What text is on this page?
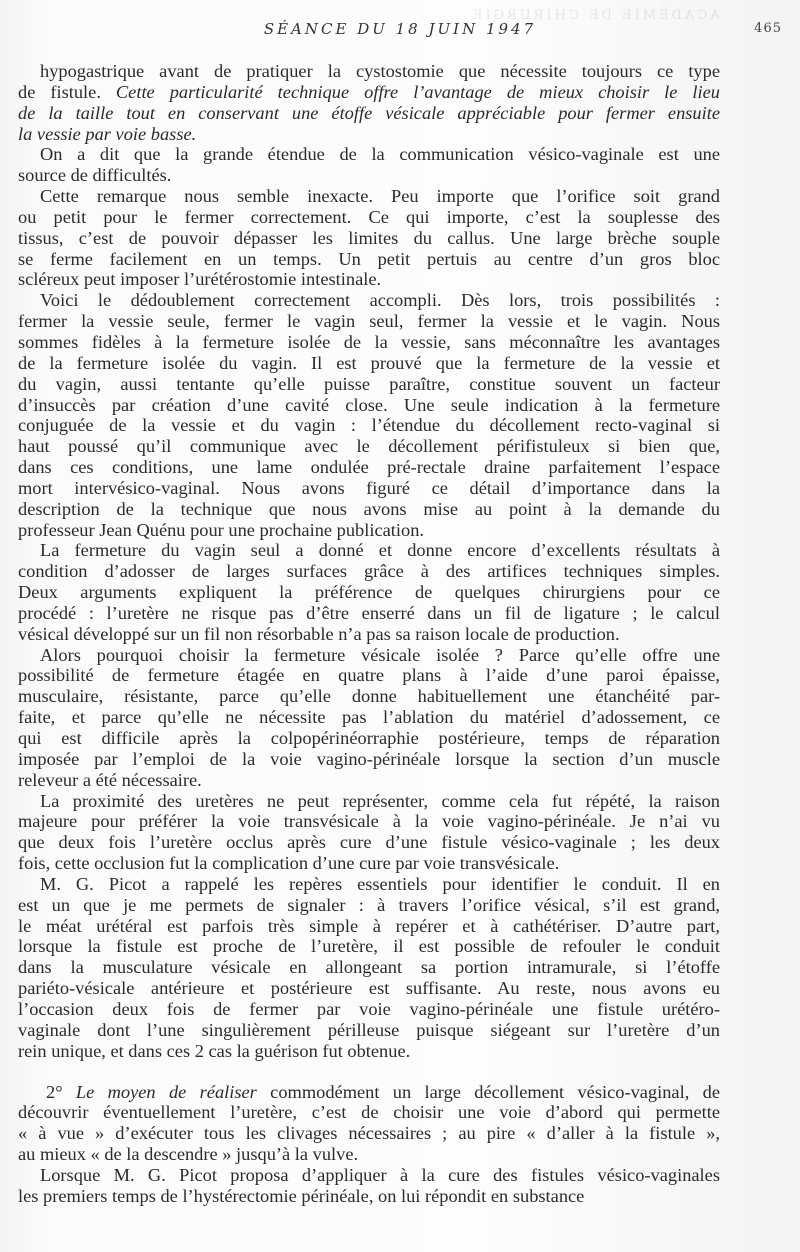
ACADÉMIE DE CHIRURGIE
SÉANCE DU 18 JUIN 1947	465
hypogastrique avant de pratiquer la cystostomie que nécessite toujours ce type
de fistule. Cette particularité technique offre l’avantage de mieux choisir le lieu
de la taille tout en conservant une étoffe vésicale appréciable pour fermer ensuite
la vessie par voie basse.
On a dit que la grande étendue de la communication vésico-vaginale est une
source de difficultés.
Cette remarque nous semble inexacte. Peu importe que l’orifice soit grand
ou petit pour le fermer correctement. Ce qui importe, c’est la souplesse des
tissus, c’est de pouvoir dépasser les limites du callus. Une large brèche souple
se ferme facilement en un temps. Un petit pertuis au centre d’un gros bloc
scléreux peut imposer l’urétérostomie intestinale.
Voici le dédoublement correctement accompli. Dès lors, trois possibilités :
fermer la vessie seule, fermer le vagin seul, fermer la vessie et le vagin. Nous
sommes fidèles à la fermeture isolée de la vessie, sans méconnaître les avantages
de la fermeture isolée du vagin. Il est prouvé que la fermeture de la vessie et
du vagin, aussi tentante qu’elle puisse paraître, constitue souvent un facteur
d’insuccès par création d’une cavité close. Une seule indication à la fermeture
conjuguée de la vessie et du vagin : l’étendue du décollement recto-vaginal si
haut poussé qu’il communique avec le décollement périfistuleux si bien que,
dans ces conditions, une lame ondulée pré-rectale draine parfaitement l’espace
mort intervésico-vaginal. Nous avons figuré ce détail d’importance dans la
description de la technique que nous avons mise au point à la demande du
professeur Jean Quénu pour une prochaine publication.
La fermeture du vagin seul a donné et donne encore d’excellents résultats à
condition d’adosser de larges surfaces grâce à des artifices techniques simples.
Deux arguments expliquent la préférence de quelques chirurgiens pour ce
procédé : l’uretère ne risque pas d’être enserré dans un fil de ligature ; le calcul
vésical développé sur un fil non résorbable n’a pas sa raison locale de production.
Alors pourquoi choisir la fermeture vésicale isolée ? Parce qu’elle offre une
possibilité de fermeture étagée en quatre plans à l’aide d’une paroi épaisse,
musculaire, résistante, parce qu’elle donne habituellement une étanchéité par-
faite, et parce qu’elle ne nécessite pas l’ablation du matériel d’adossement, ce
qui est difficile après la colpopérinéorraphie postérieure, temps de réparation
imposée par l’emploi de la voie vagino-périnéale lorsque la section d’un muscle
releveur a été nécessaire.
La proximité des uretères ne peut représenter, comme cela fut répété, la raison
majeure pour préférer la voie transvésicale à la voie vagino-périnéale. Je n’ai vu
que deux fois l’uretère occlus après cure d’une fistule vésico-vaginale ; les deux
fois, cette occlusion fut la complication d’une cure par voie transvésicale.
M. G. Picot a rappelé les repères essentiels pour identifier le conduit. Il en
est un que je me permets de signaler : à travers l’orifice vésical, s’il est grand,
le méat urétéral est parfois très simple à repérer et à cathétériser. D’autre part,
lorsque la fistule est proche de l’uretère, il est possible de refouler le conduit
dans la musculature vésicale en allongeant sa portion intramurale, si l’étoffe
pariéto-vésicale antérieure et postérieure est suffisante. Au reste, nous avons eu
l’occasion deux fois de fermer par voie vagino-périnéale une fistule urétéro-
vaginale dont l’une singulièrement périlleuse puisque siégeant sur l’uretère d’un
rein unique, et dans ces 2 cas la guérison fut obtenue.
2° Le moyen de réaliser commodément un large décollement vésico-vaginal, de
découvrir éventuellement l’uretère, c’est de choisir une voie d’abord qui permette
« à vue » d’exécuter tous les clivages nécessaires ; au pire « d’aller à la fistule »,
au mieux « de la descendre » jusqu’à la vulve.
Lorsque M. G. Picot proposa d’appliquer à la cure des fistules vésico-vaginales
les premiers temps de l’hystérectomie périnéale, on lui répondit en substance
